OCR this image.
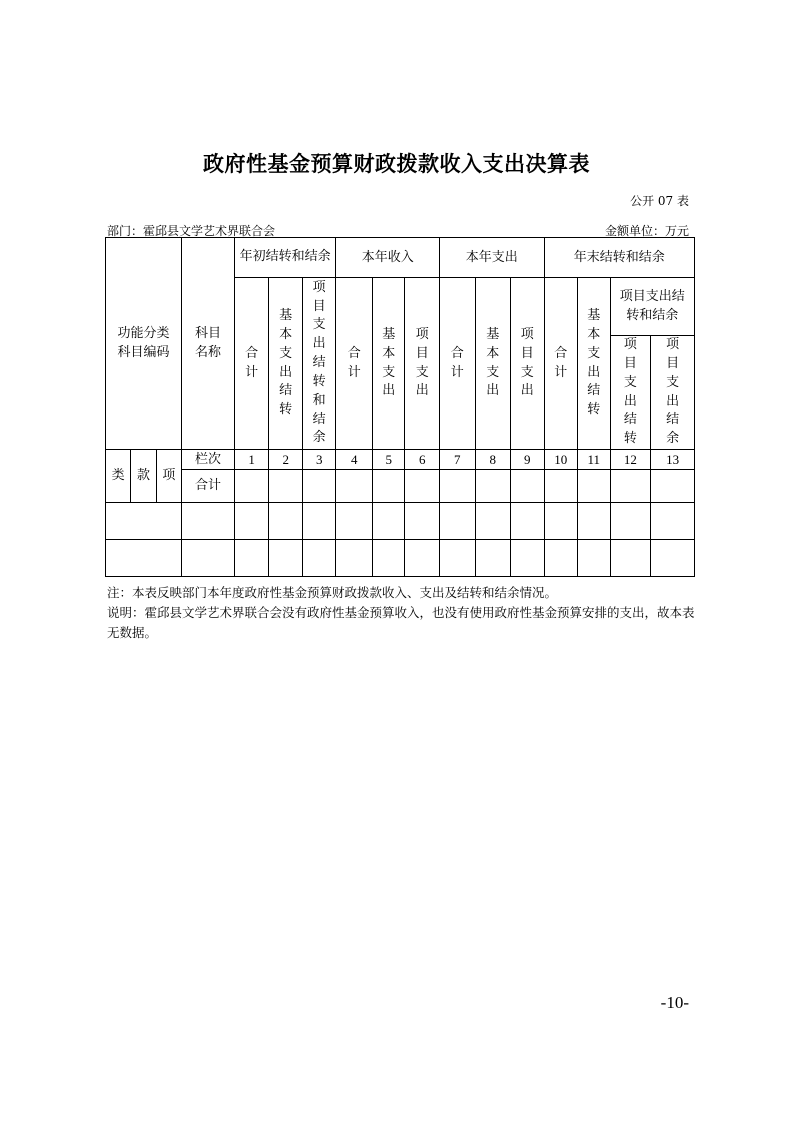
政府性基金预算财政拨款收入支出决算表
公开 07 表
部门：霍邱县文学艺术界联合会	金额单位：万元
功能分类科目编码			科目名称	年初结转和结余			本年收入			本年支出			年末结转和结余			
				合计	基本支出结转	项目支出结转和结余	合计	基本支出	项目支出	合计	基本支出	项目支出	合计	基本支出结转	项目支出结转和结余	
															项目支出结转	项目支出结余
类	款	项	栏次	1	2	3	4	5	6	7	8	9	10	11	12	13
			合计													

注：本表反映部门本年度政府性基金预算财政拨款收入、支出及结转和结余情况。
说明：霍邱县文学艺术界联合会没有政府性基金预算收入，也没有使用政府性基金预算安排的支出，故本表无数据。
-10-
